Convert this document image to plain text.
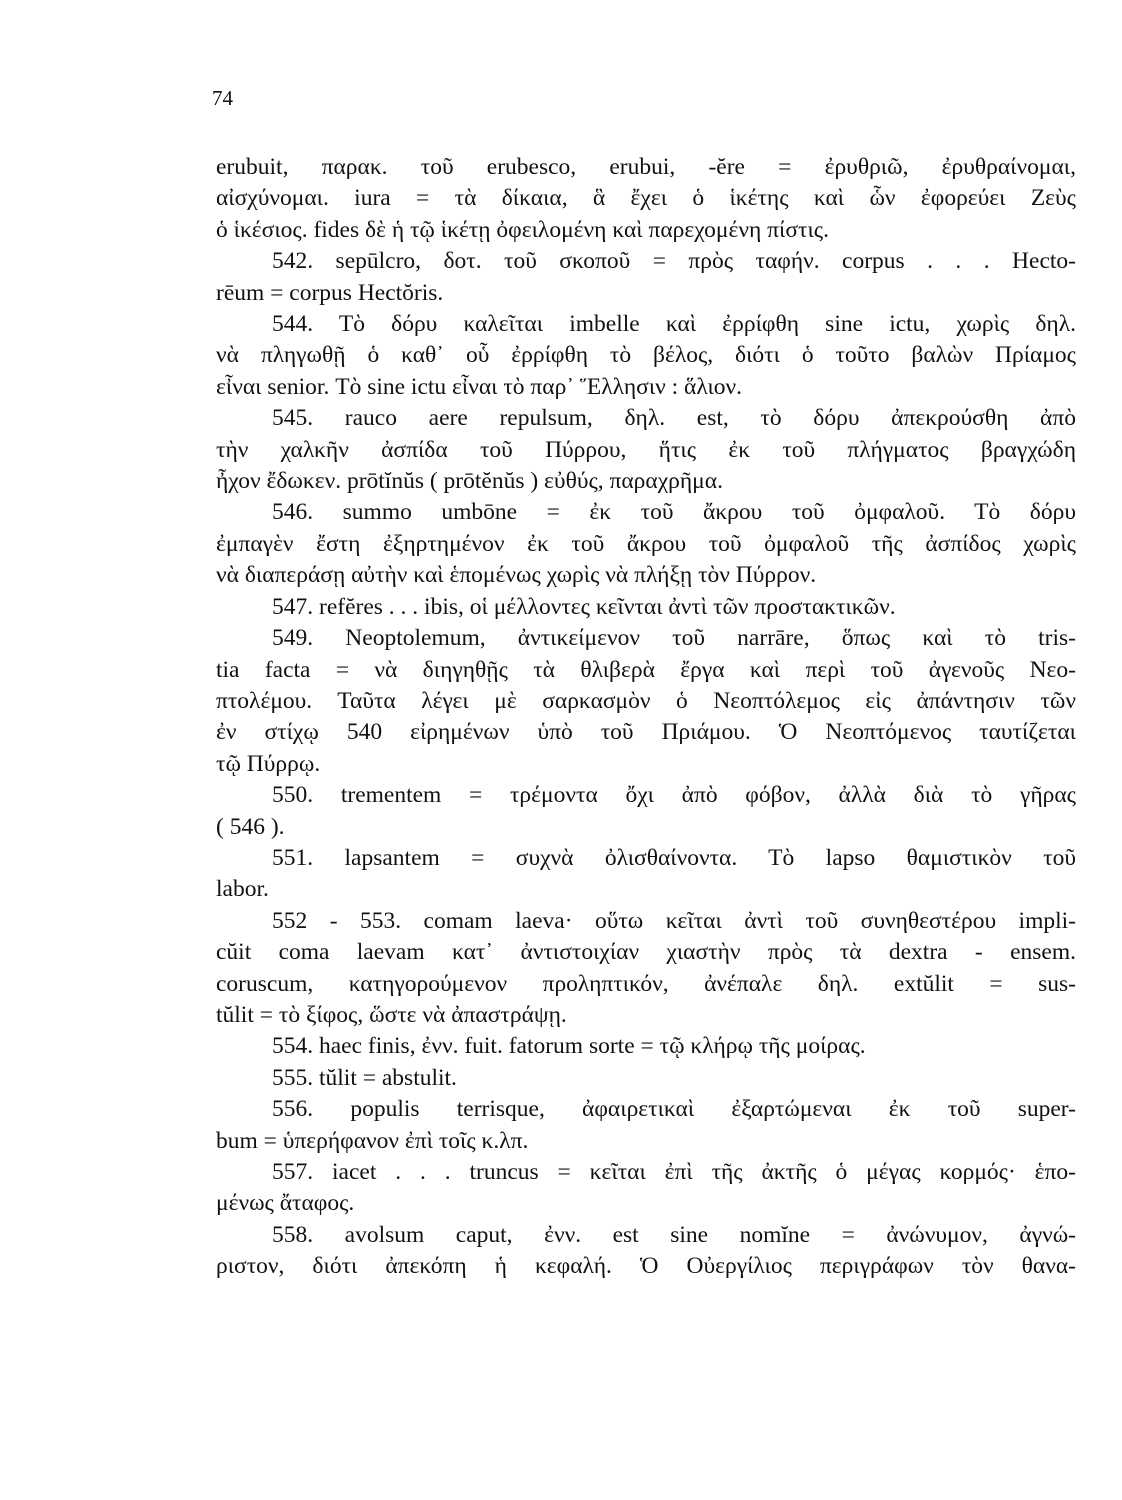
74
erubuit, παρακ. τοῦ erubesco, erubui, -ĕre = ἐρυθριῶ, ἐρυθραίνομαι,
αἰσχύνομαι. iura = τὰ δίκαια, ἃ ἔχει ὁ ἱκέτης καὶ ὧν ἐφορεύει Ζεὺς
ὁ ἱκέσιος. fides δὲ ἡ τῷ ἱκέτῃ ὀφειλομένη καὶ παρεχομένη πίστις.
542. sepūlcro, δοτ. τοῦ σκοποῦ = πρὸς ταφήν. corpus . . . Hecto-
rēum = corpus Hectŏris.
544. Τὸ δόρυ καλεῖται imbelle καὶ ἐρρίφθη sine ictu, χωρὶς δηλ.
νὰ πληγωθῇ ὁ καθ᾽ οὗ ἐρρίφθη τὸ βέλος, διότι ὁ τοῦτο βαλὼν Πρίαμος
εἶναι senior. Τὸ sine ictu εἶναι τὸ παρ᾽ Ἕλλησιν : ἅλιον.
545. rauco aere repulsum, δηλ. est, τὸ δόρυ ἀπεκρούσθη ἀπὸ
τὴν χαλκῆν ἀσπίδα τοῦ Πύρρου, ἥτις ἐκ τοῦ πλήγματος βραγχώδη
ἦχον ἔδωκεν. prōtĭnŭs ( prōtĕnŭs ) εὐθύς, παραχρῆμα.
546. summo umbōne = ἐκ τοῦ ἄκρου τοῦ ὀμφαλοῦ. Τὸ δόρυ
ἐμπαγὲν ἔστη ἐξηρτημένον ἐκ τοῦ ἄκρου τοῦ ὀμφαλοῦ τῆς ἀσπίδος χωρὶς
νὰ διαπεράσῃ αὐτὴν καὶ ἑπομένως χωρὶς νὰ πλήξῃ τὸν Πύρρον.
547. refĕres . . . ibis, οἱ μέλλοντες κεῖνται ἀντὶ τῶν προστακτικῶν.
549. Neoptolemum, ἀντικείμενον τοῦ narrāre, ὅπως καὶ τὸ tris-
tia facta = νὰ διηγηθῇς τὰ θλιβερὰ ἔργα καὶ περὶ τοῦ ἀγενοῦς Νεο-
πτολέμου. Ταῦτα λέγει μὲ σαρκασμὸν ὁ Νεοπτόλεμος εἰς ἀπάντησιν τῶν
ἐν στίχῳ 540 εἰρημένων ὑπὸ τοῦ Πριάμου. Ὁ Νεοπτόμενος ταυτίζεται
τῷ Πύρρῳ.
550. trementem = τρέμοντα ὄχι ἀπὸ φόβον, ἀλλὰ διὰ τὸ γῆρας
( 546 ).
551. lapsantem = συχνὰ ὀλισθαίνοντα. Τὸ lapso θαμιστικὸν τοῦ
labor.
552 - 553. comam laeva· οὕτω κεῖται ἀντὶ τοῦ συνηθεστέρου impli-
cŭit coma laevam κατ᾽ ἀντιστοιχίαν χιαστὴν πρὸς τὰ dextra - ensem.
coruscum, κατηγορούμενον προληπτικόν, ἀνέπαλε δηλ. extŭlit = sus-
tŭlit = τὸ ξίφος, ὥστε νὰ ἀπαστράψῃ.
554. haec finis, ἐνν. fuit. fatorum sorte = τῷ κλήρῳ τῆς μοίρας.
555. tŭlit = abstulit.
556. populis terrisque, ἀφαιρετικαὶ ἐξαρτώμεναι ἐκ τοῦ super-
bum = ὑπερήφανον ἐπὶ τοῖς κ.λπ.
557. iacet . . . truncus = κεῖται ἐπὶ τῆς ἀκτῆς ὁ μέγας κορμός· ἑπο-
μένως ἄταφος.
558. avolsum caput, ἐνν. est sine nomĭne = ἀνώνυμον, ἀγνώ-
ριστον, διότι ἀπεκόπη ἡ κεφαλή. Ὁ Οὐεργίλιος περιγράφων τὸν θανα-
